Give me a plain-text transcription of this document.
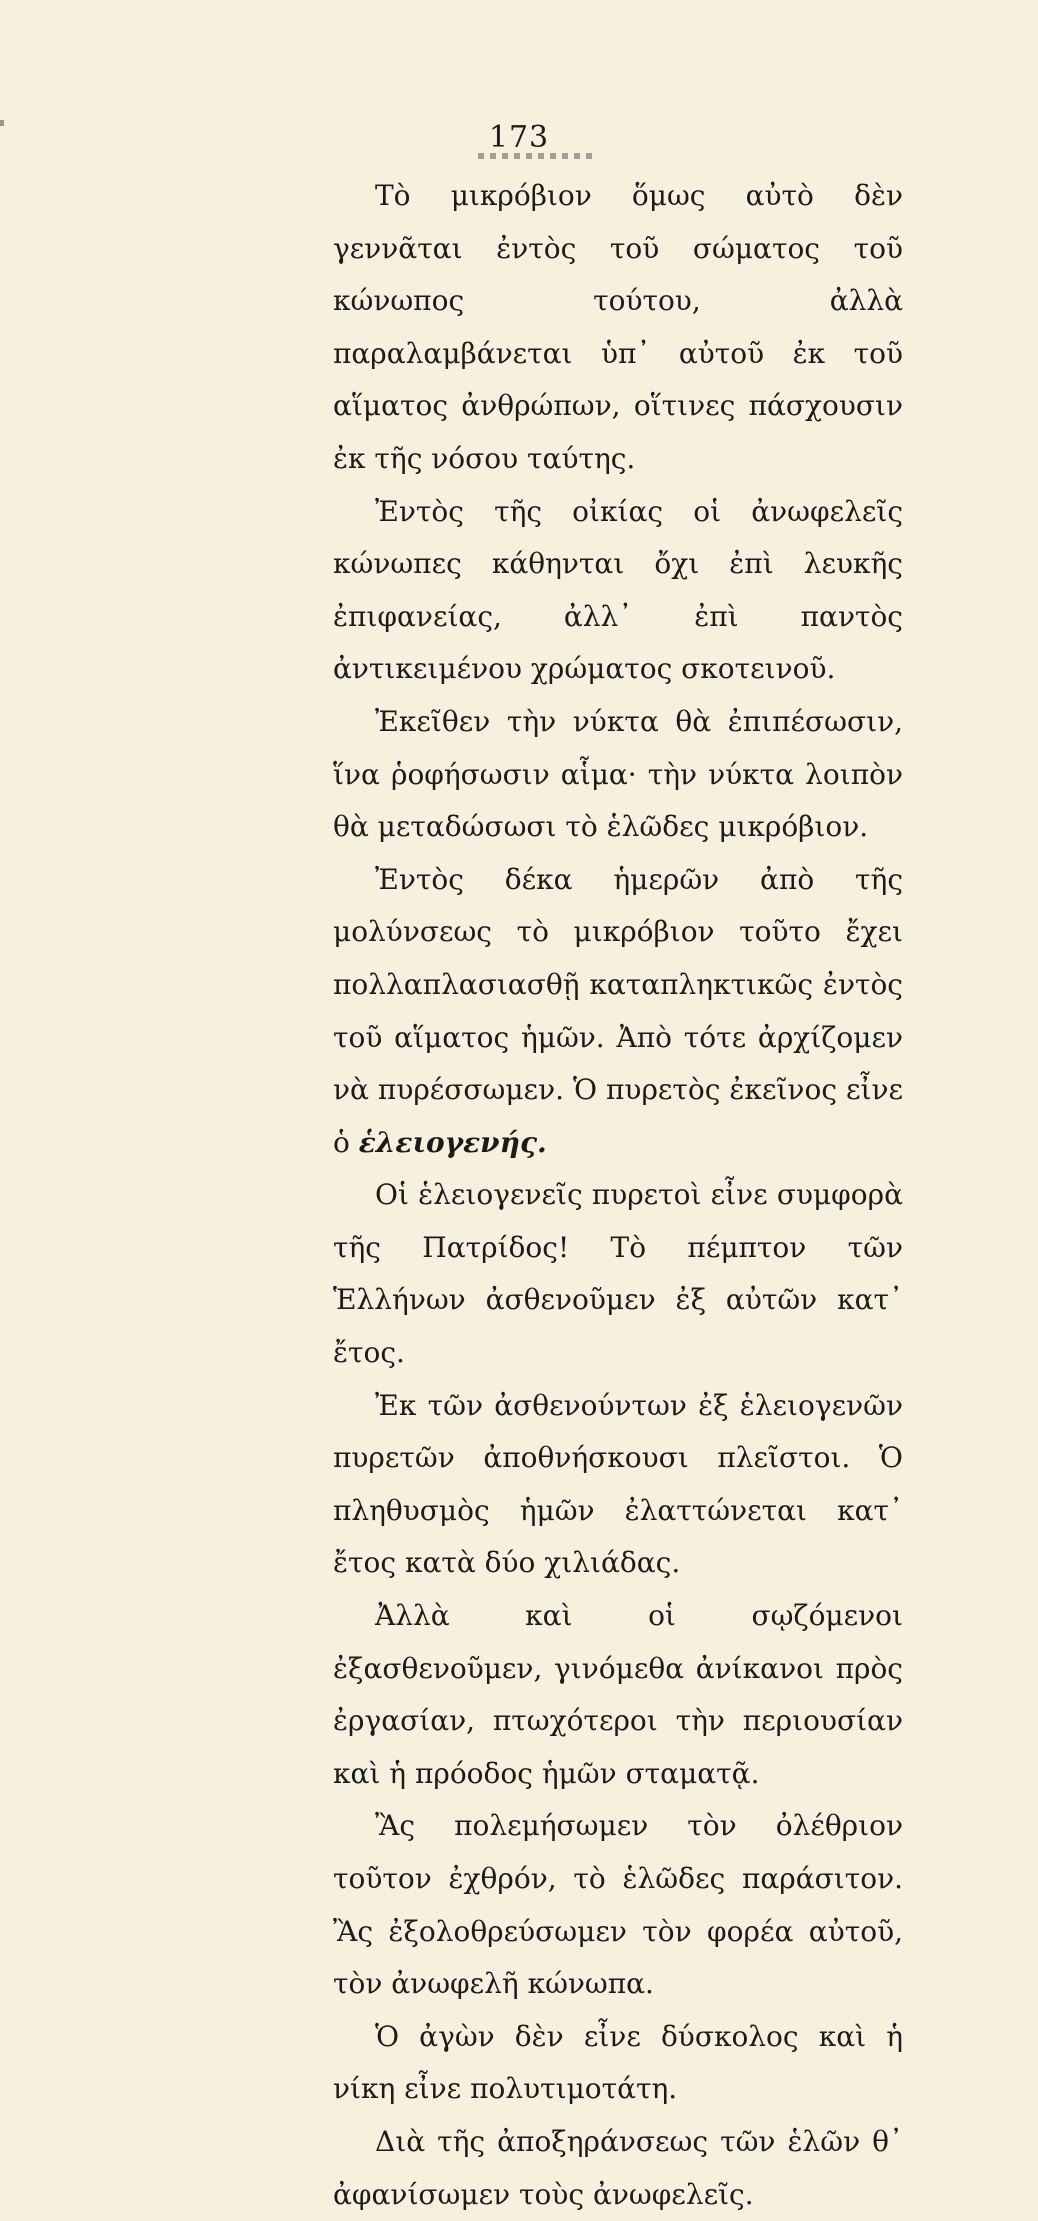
173

Τὸ μικρόβιον ὅμως αὐτὸ δὲν γεννᾶται ἐντὸς τοῦ σώματος τοῦ κώνωπος τούτου, ἀλλὰ παραλαμβάνεται ὑπ᾿ αὐτοῦ ἐκ τοῦ αἵματος ἀνθρώπων, οἵτινες πάσχουσιν ἐκ τῆς νόσου ταύτης.

Ἐντὸς τῆς οἰκίας οἱ ἀνωφελεῖς κώνωπες κάθηνται ὄχι ἐπὶ λευκῆς ἐπιφανείας, ἀλλ᾿ ἐπὶ παντὸς ἀντικειμένου χρώματος σκοτεινοῦ.

Ἐκεῖθεν τὴν νύκτα θὰ ἐπιπέσωσιν, ἵνα ῥοφήσωσιν αἷμα· τὴν νύκτα λοιπὸν θὰ μεταδώσωσι τὸ ἑλῶδες μικρόβιον.

Ἐντὸς δέκα ἡμερῶν ἀπὸ τῆς μολύνσεως τὸ μικρόβιον τοῦτο ἔχει πολλαπλασιασθῇ καταπληκτικῶς ἐντὸς τοῦ αἵματος ἡμῶν. Ἀπὸ τότε ἀρχίζομεν νὰ πυρέσσωμεν. Ὁ πυρετὸς ἐκεῖνος εἶνε ὁ ἑλειογενής.

Οἱ ἑλειογενεῖς πυρετοὶ εἶνε συμφορὰ τῆς Πατρίδος! Τὸ πέμπτον τῶν Ἑλλήνων ἀσθενοῦμεν ἐξ αὐτῶν κατ᾿ ἔτος.

Ἐκ τῶν ἀσθενούντων ἐξ ἑλειογενῶν πυρετῶν ἀποθνήσκουσι πλεῖστοι. Ὁ πληθυσμὸς ἡμῶν ἐλαττώνεται κατ᾿ ἔτος κατὰ δύο χιλιάδας.

Ἀλλὰ καὶ οἱ σῳζόμενοι ἐξασθενοῦμεν, γινόμεθα ἀνίκανοι πρὸς ἐργασίαν, πτωχότεροι τὴν περιουσίαν καὶ ἡ πρόοδος ἡμῶν σταματᾷ.

Ἂς πολεμήσωμεν τὸν ὀλέθριον τοῦτον ἐχθρόν, τὸ ἑλῶδες παράσιτον. Ἂς ἐξολοθρεύσωμεν τὸν φορέα αὐτοῦ, τὸν ἀνωφελῆ κώνωπα.

Ὁ ἀγὼν δὲν εἶνε δύσκολος καὶ ἡ νίκη εἶνε πολυτιμοτάτη.

Διὰ τῆς ἀποξηράνσεως τῶν ἑλῶν θ᾿ ἀφανίσωμεν τοὺς ἀνωφελεῖς.
